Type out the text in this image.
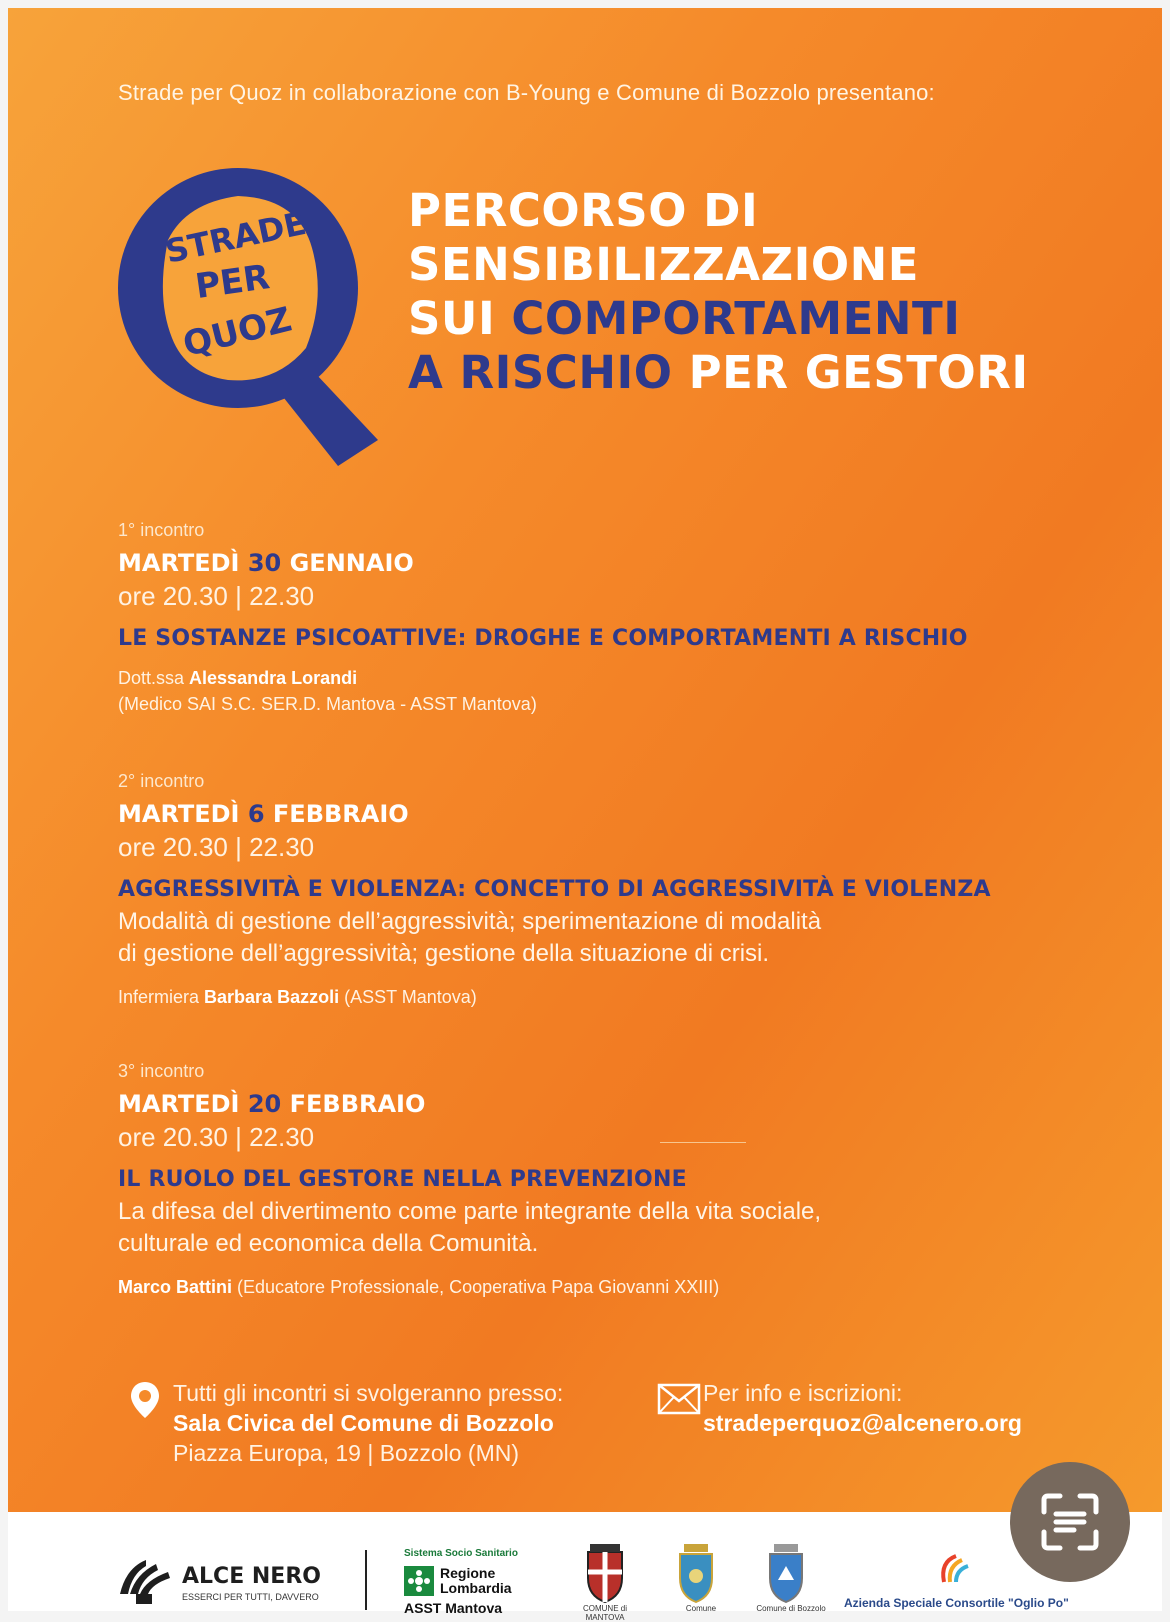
Strade per Quoz in collaborazione con B-Young e Comune di Bozzolo presentano:
STRADE
PER
QUOZ
PERCORSO DI
SENSIBILIZZAZIONE
SUI COMPORTAMENTI
A RISCHIO PER GESTORI
1° incontro
MARTEDÌ 30 GENNAIO
ore 20.30 | 22.30
LE SOSTANZE PSICOATTIVE: DROGHE E COMPORTAMENTI A RISCHIO
Dott.ssa Alessandra Lorandi
(Medico SAI S.C. SER.D. Mantova - ASST Mantova)
2° incontro
MARTEDÌ 6 FEBBRAIO
ore 20.30 | 22.30
AGGRESSIVITÀ E VIOLENZA: CONCETTO DI AGGRESSIVITÀ E VIOLENZA
Modalità di gestione dell’aggressività; sperimentazione di modalità
di gestione dell’aggressività; gestione della situazione di crisi.
Infermiera Barbara Bazzoli (ASST Mantova)
3° incontro
MARTEDÌ 20 FEBBRAIO
ore 20.30 | 22.30
IL RUOLO DEL GESTORE NELLA PREVENZIONE
La difesa del divertimento come parte integrante della vita sociale,
culturale ed economica della Comunità.
Marco Battini (Educatore Professionale, Cooperativa Papa Giovanni XXIII)
Tutti gli incontri si svolgeranno presso:
Sala Civica del Comune di Bozzolo
Piazza Europa, 19 | Bozzolo (MN)
Per info e iscrizioni:
stradeperquoz@alcenero.org
ALCE NERO
ESSERCI PER TUTTI, DAVVERO
Sistema Socio Sanitario
Regione
Lombardia
ASST Mantova	COMUNE di MANTOVA
Comune	Comune di Bozzolo Azienda Speciale Consortile "Oglio Po"
